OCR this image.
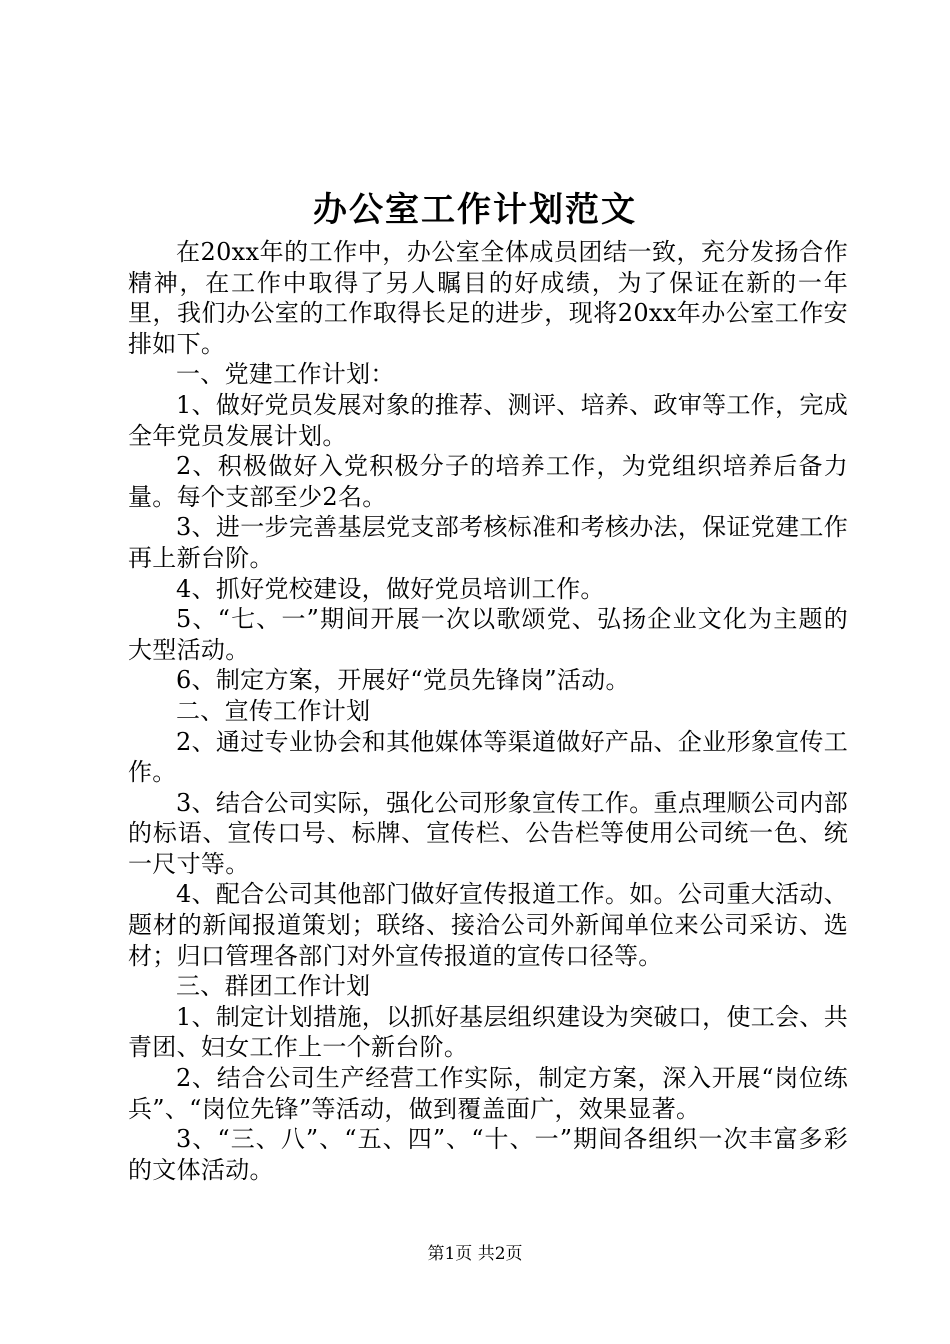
办公室工作计划范文

在20xx年的工作中，办公室全体成员团结一致，充分发扬合作精神，在工作中取得了另人瞩目的好成绩，为了保证在新的一年里，我们办公室的工作取得长足的进步，现将20xx年办公室工作安排如下。

一、党建工作计划：

1、做好党员发展对象的推荐、测评、培养、政审等工作，完成全年党员发展计划。

2、积极做好入党积极分子的培养工作，为党组织培养后备力量。每个支部至少2名。

3、进一步完善基层党支部考核标准和考核办法，保证党建工作再上新台阶。

4、抓好党校建设，做好党员培训工作。

5、“七、一”期间开展一次以歌颂党、弘扬企业文化为主题的大型活动。

6、制定方案，开展好“党员先锋岗”活动。

二、宣传工作计划

2、通过专业协会和其他媒体等渠道做好产品、企业形象宣传工作。

3、结合公司实际，强化公司形象宣传工作。重点理顺公司内部的标语、宣传口号、标牌、宣传栏、公告栏等使用公司统一色、统一尺寸等。

4、配合公司其他部门做好宣传报道工作。如。公司重大活动、题材的新闻报道策划；联络、接洽公司外新闻单位来公司采访、选材；归口管理各部门对外宣传报道的宣传口径等。

三、群团工作计划

1、制定计划措施，以抓好基层组织建设为突破口，使工会、共青团、妇女工作上一个新台阶。

2、结合公司生产经营工作实际，制定方案，深入开展“岗位练兵”、“岗位先锋”等活动，做到覆盖面广，效果显著。

3、“三、八”、“五、四”、“十、一”期间各组织一次丰富多彩的文体活动。

第1页 共2页
